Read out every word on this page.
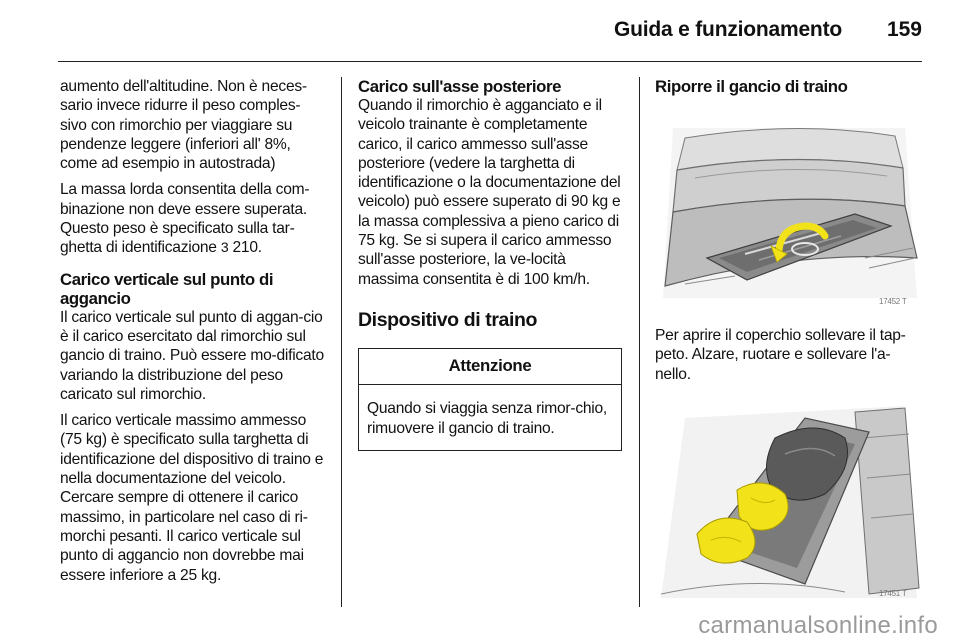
Guida e funzionamento 159

aumento dell'altitudine. Non è neces-sario invece ridurre il peso comples-sivo con rimorchio per viaggiare su pendenze leggere (inferiori all' 8%, come ad esempio in autostrada)

La massa lorda consentita della com-binazione non deve essere superata. Questo peso è specificato sulla tar-ghetta di identificazione 3 210.

Carico verticale sul punto di aggancio

Il carico verticale sul punto di aggan-cio è il carico esercitato dal rimorchio sul gancio di traino. Può essere mo-dificato variando la distribuzione del peso caricato sul rimorchio.

Il carico verticale massimo ammesso (75 kg) è specificato sulla targhetta di identificazione del dispositivo di traino e nella documentazione del veicolo. Cercare sempre di ottenere il carico massimo, in particolare nel caso di ri-morchi pesanti. Il carico verticale sul punto di aggancio non dovrebbe mai essere inferiore a 25 kg.

Carico sull'asse posteriore

Quando il rimorchio è agganciato e il veicolo trainante è completamente carico, il carico ammesso sull'asse posteriore (vedere la targhetta di identificazione o la documentazione del veicolo) può essere superato di 90 kg e la massa complessiva a pieno carico di 75 kg. Se si supera il carico ammesso sull'asse posteriore, la ve-locità massima consentita è di 100 km/h.

Dispositivo di traino
Attenzione
Quando si viaggia senza rimor-chio, rimuovere il gancio di traino.
Riporre il gancio di traino
17452 T

Per aprire il coperchio sollevare il tap-peto. Alzare, ruotare e sollevare l'a-nello.

17451 T
carmanualsonline.info
